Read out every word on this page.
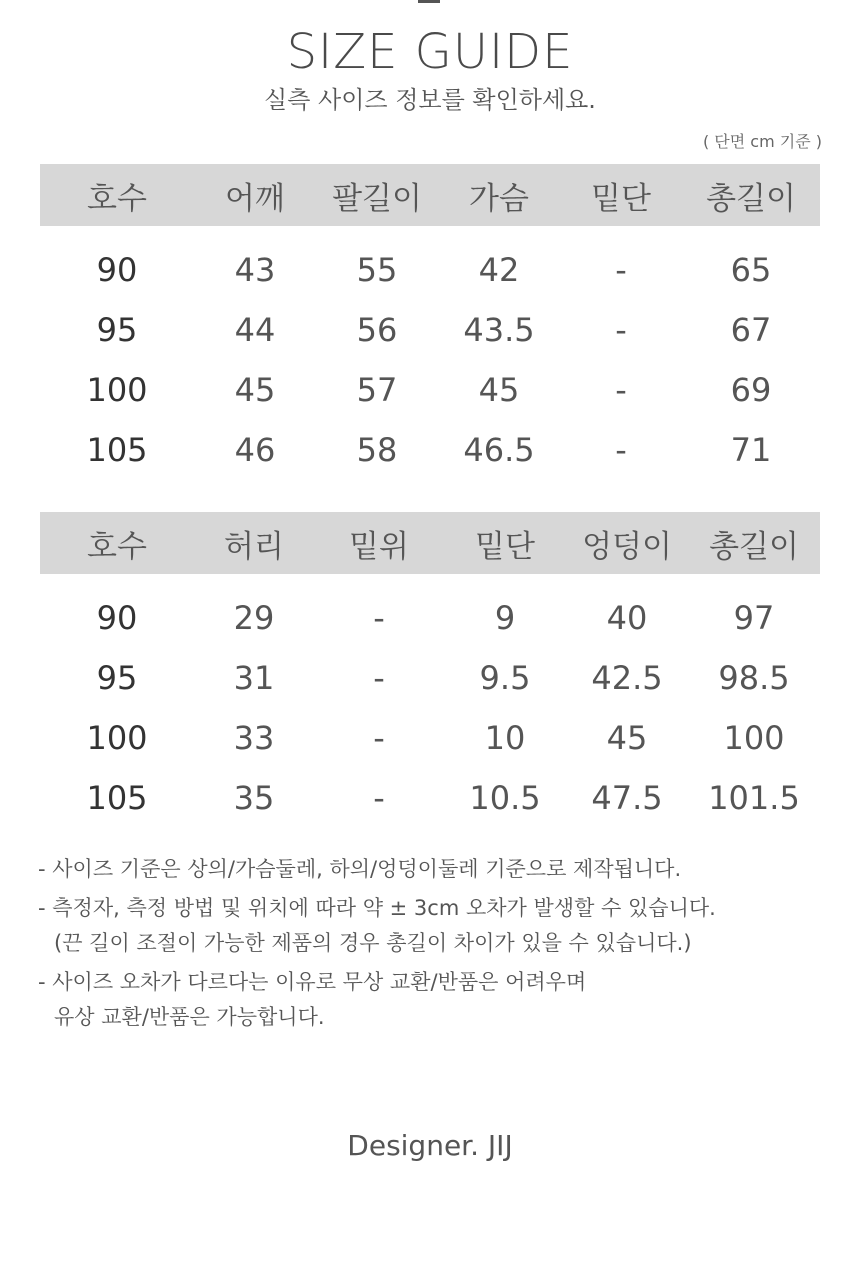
SIZE GUIDE
실측 사이즈 정보를 확인하세요.
( 단면 cm 기준 )
호수	어깨	팔길이	가슴	밑단	총길이
90	43	55	42	-	65
95	44	56	43.5	-	67
100	45	57	45	-	69
105	46	58	46.5	-	71
호수	허리	밑위	밑단	엉덩이	총길이
90	29	-	9	40	97
95	31	-	9.5	42.5	98.5
100	33	-	10	45	100
105	35	-	10.5	47.5	101.5

- 사이즈 기준은 상의/가슴둘레, 하의/엉덩이둘레 기준으로 제작됩니다.

- 측정자, 측정 방법 및 위치에 따라 약 ± 3cm 오차가 발생할 수 있습니다.

(끈 길이 조절이 가능한 제품의 경우 총길이 차이가 있을 수 있습니다.)

- 사이즈 오차가 다르다는 이유로 무상 교환/반품은 어려우며

유상 교환/반품은 가능합니다.

Designer. JIJ
